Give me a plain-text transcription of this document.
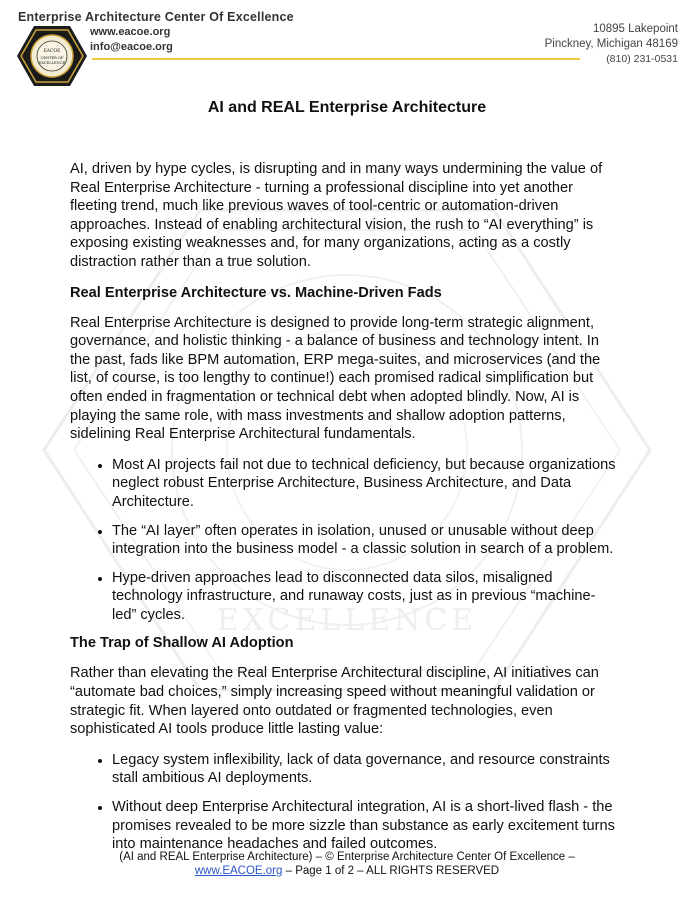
EXCELLENCE
Enterprise Architecture Center Of Excellence
EACOE
CENTER OF
EXCELLENCE
www.eacoe.org
info@eacoe.org
10895 Lakepoint
Pinckney, Michigan 48169
(810) 231-0531
AI and REAL Enterprise Architecture

AI, driven by hype cycles, is disrupting and in many ways undermining the value of Real Enterprise Architecture - turning a professional discipline into yet another fleeting trend, much like previous waves of tool-centric or automation-driven approaches. Instead of enabling architectural vision, the rush to “AI everything” is exposing existing weaknesses and, for many organizations, acting as a costly distraction rather than a true solution.

Real Enterprise Architecture vs. Machine-Driven Fads

Real Enterprise Architecture is designed to provide long-term strategic alignment, governance, and holistic thinking - a balance of business and technology intent. In the past, fads like BPM automation, ERP mega-suites, and microservices (and the list, of course, is too lengthy to continue!) each promised radical simplification but often ended in fragmentation or technical debt when adopted blindly. Now, AI is playing the same role, with mass investments and shallow adoption patterns, sidelining Real Enterprise Architectural fundamentals.

• Most AI projects fail not due to technical deficiency, but because organizations neglect robust Enterprise Architecture, Business Architecture, and Data Architecture.
• The “AI layer” often operates in isolation, unused or unusable without deep integration into the business model - a classic solution in search of a problem.
• Hype-driven approaches lead to disconnected data silos, misaligned technology infrastructure, and runaway costs, just as in previous “machine-led” cycles.
The Trap of Shallow AI Adoption

Rather than elevating the Real Enterprise Architectural discipline, AI initiatives can “automate bad choices,” simply increasing speed without meaningful validation or strategic fit. When layered onto outdated or fragmented technologies, even sophisticated AI tools produce little lasting value:

• Legacy system inflexibility, lack of data governance, and resource constraints stall ambitious AI deployments.
• Without deep Enterprise Architectural integration, AI is a short-lived flash - the promises revealed to be more sizzle than substance as early excitement turns into maintenance headaches and failed outcomes.
(AI and REAL Enterprise Architecture) – © Enterprise Architecture Center Of Excellence –
www.EACOE.org – Page 1 of 2 – ALL RIGHTS RESERVED
